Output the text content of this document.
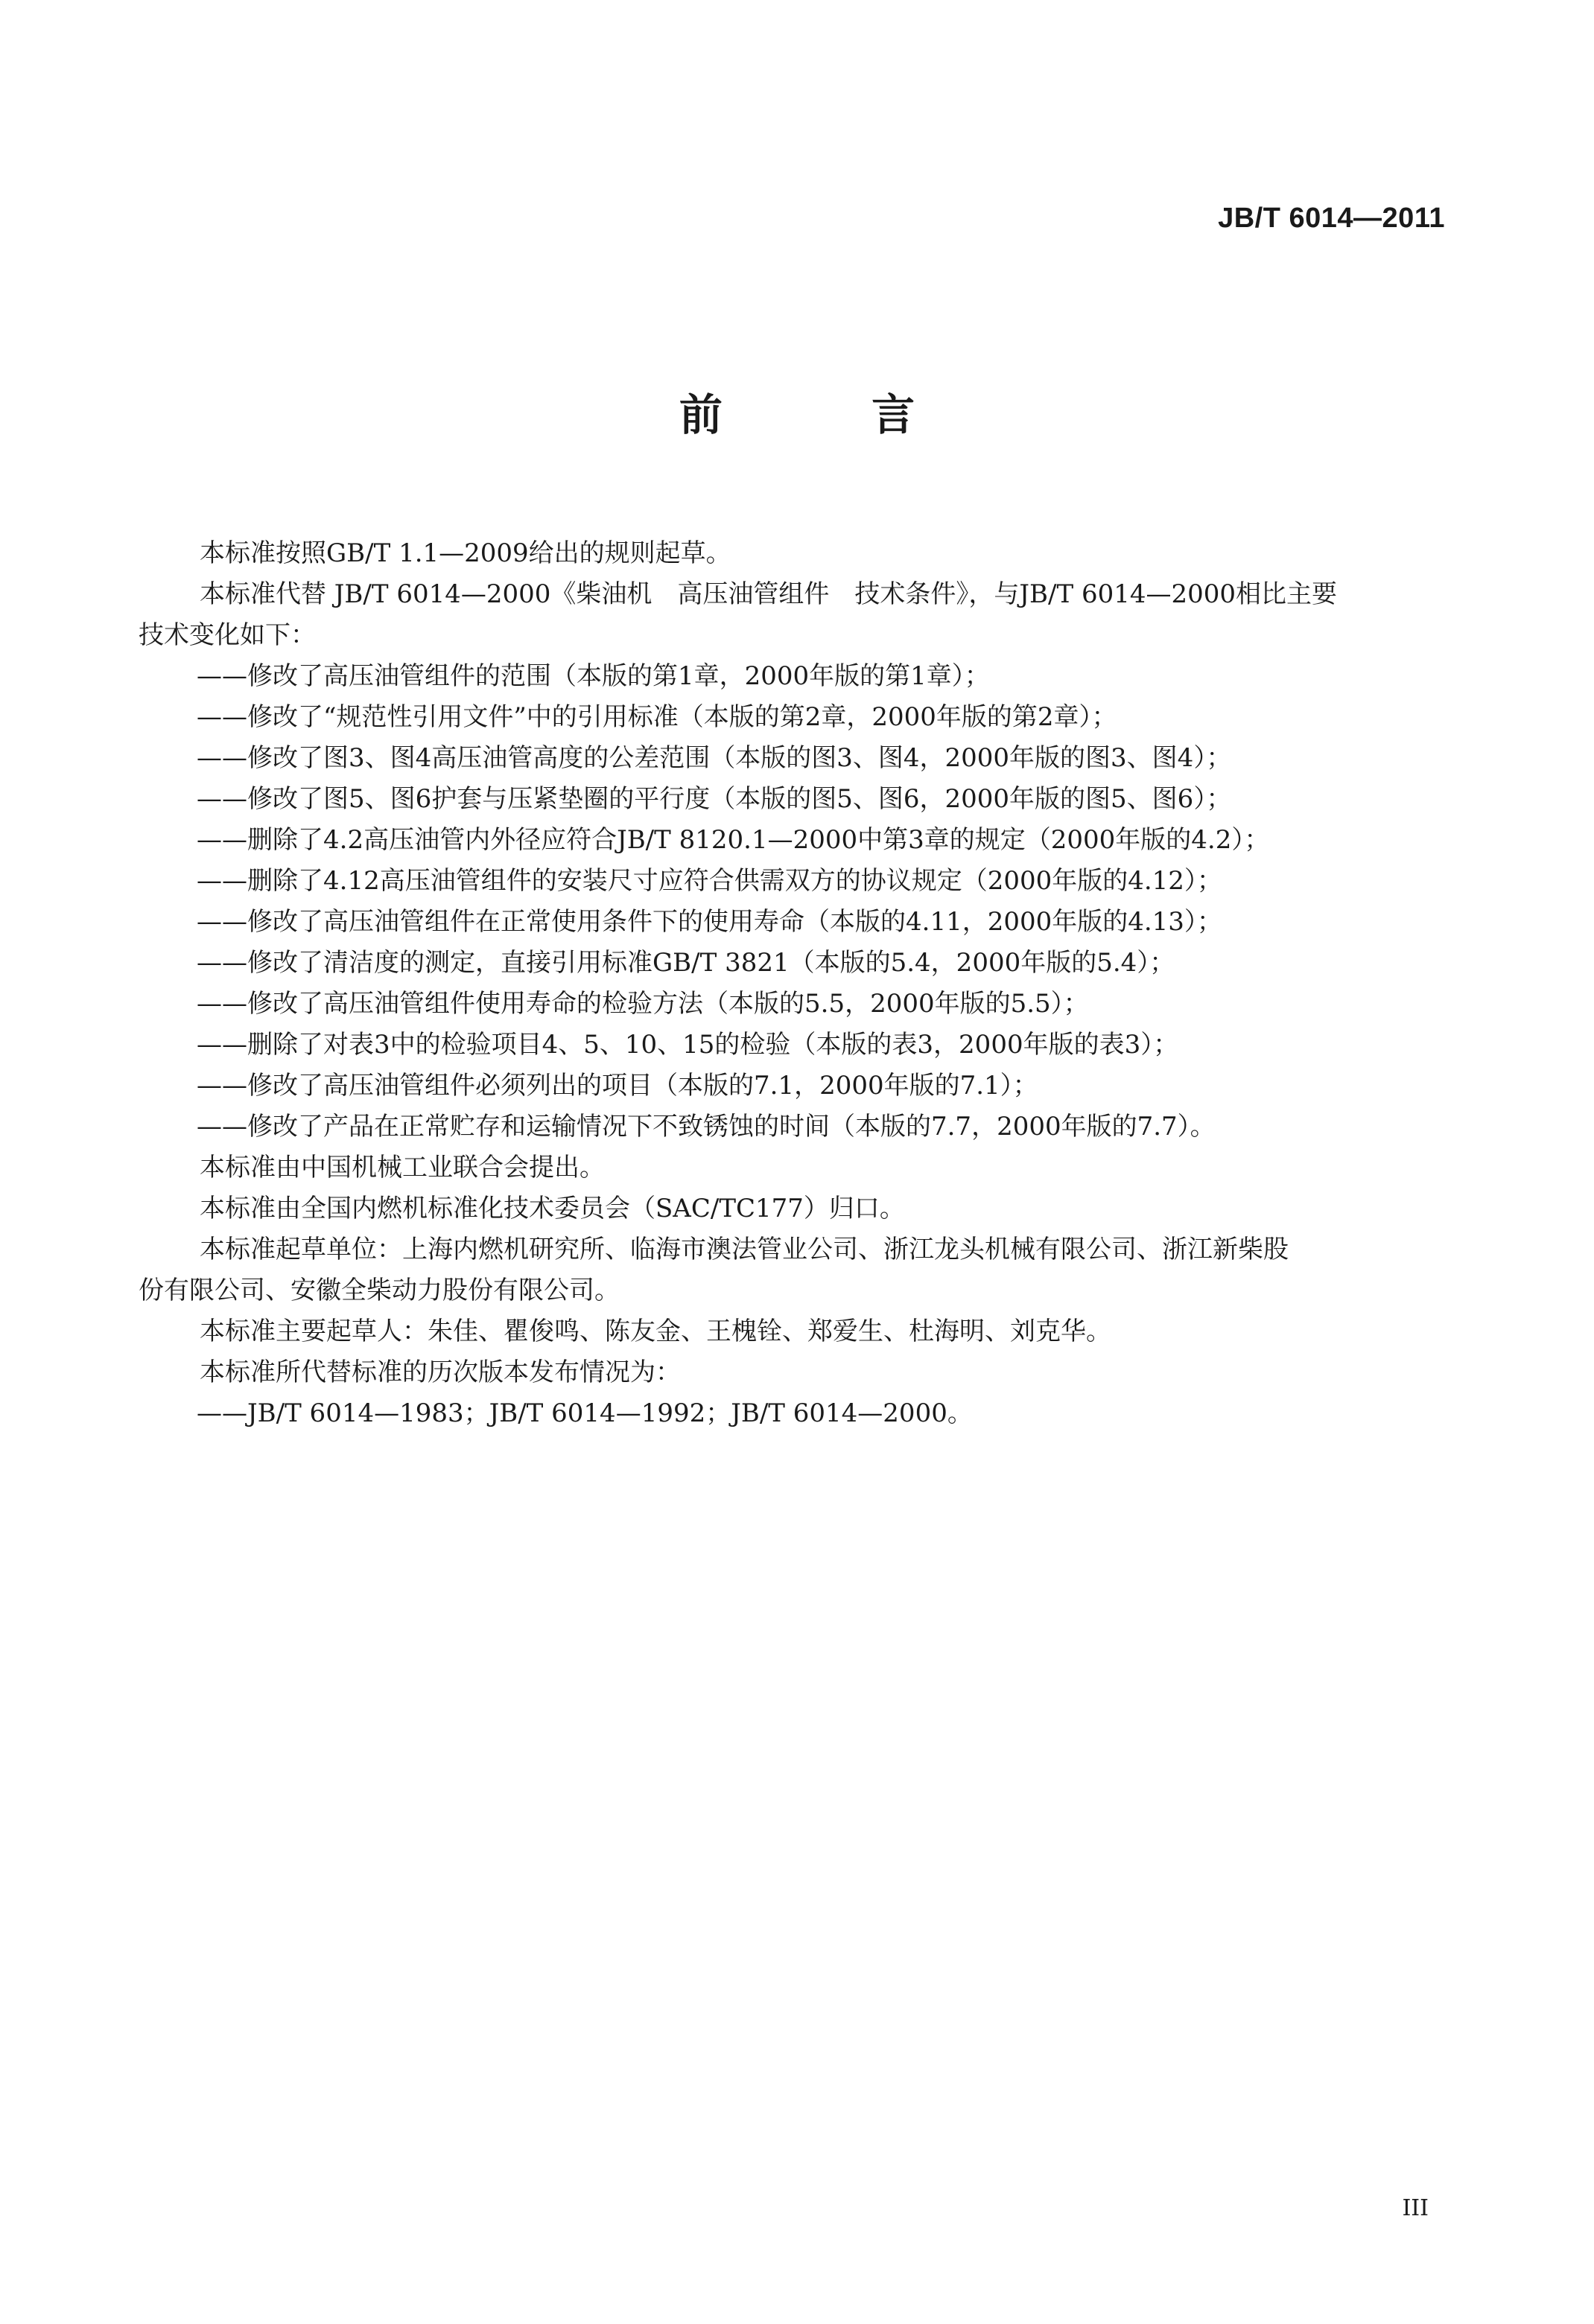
JB/T 6014—2011
前 言

本标准按照GB/T 1.1—2009给出的规则起草。

本标准代替 JB/T 6014—2000《柴油机　高压油管组件　技术条件》，与JB/T 6014—2000相比主要

技术变化如下：

——修改了高压油管组件的范围（本版的第1章，2000年版的第1章）；

——修改了“规范性引用文件”中的引用标准（本版的第2章，2000年版的第2章）；

——修改了图3、图4高压油管高度的公差范围（本版的图3、图4，2000年版的图3、图4）；

——修改了图5、图6护套与压紧垫圈的平行度（本版的图5、图6，2000年版的图5、图6）；

——删除了4.2高压油管内外径应符合JB/T 8120.1—2000中第3章的规定（2000年版的4.2）；

——删除了4.12高压油管组件的安装尺寸应符合供需双方的协议规定（2000年版的4.12）；

——修改了高压油管组件在正常使用条件下的使用寿命（本版的4.11，2000年版的4.13）；

——修改了清洁度的测定，直接引用标准GB/T 3821（本版的5.4，2000年版的5.4）；

——修改了高压油管组件使用寿命的检验方法（本版的5.5，2000年版的5.5）；

——删除了对表3中的检验项目4、5、10、15的检验（本版的表3，2000年版的表3）；

——修改了高压油管组件必须列出的项目（本版的7.1，2000年版的7.1）；

——修改了产品在正常贮存和运输情况下不致锈蚀的时间（本版的7.7，2000年版的7.7）。

本标准由中国机械工业联合会提出。

本标准由全国内燃机标准化技术委员会（SAC/TC177）归口。

本标准起草单位：上海内燃机研究所、临海市澳法管业公司、浙江龙头机械有限公司、浙江新柴股

份有限公司、安徽全柴动力股份有限公司。

本标准主要起草人：朱佳、瞿俊鸣、陈友金、王槐铨、郑爱生、杜海明、刘克华。

本标准所代替标准的历次版本发布情况为：

——JB/T 6014—1983；JB/T 6014—1992；JB/T 6014—2000。

III
